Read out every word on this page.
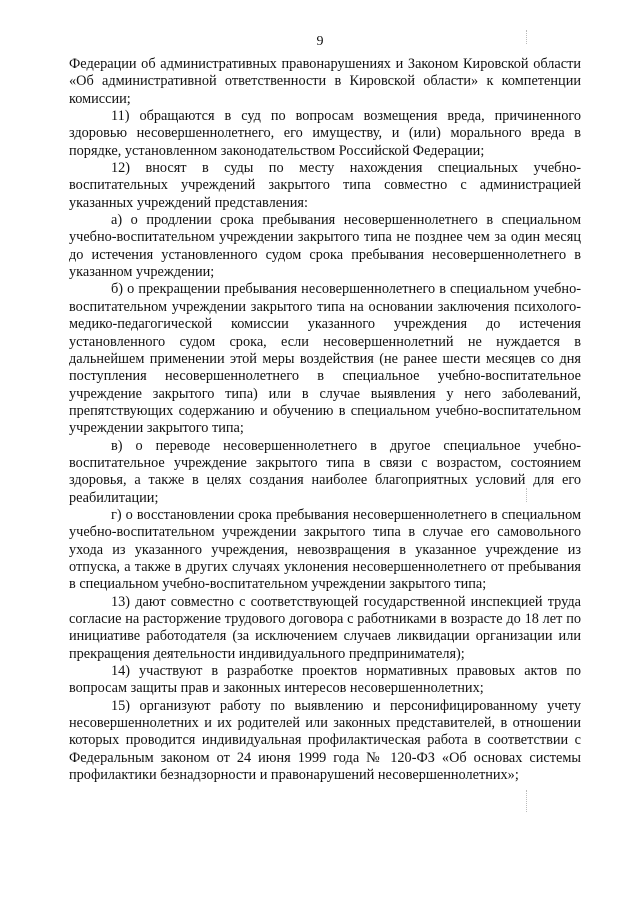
9

Федерации об административных правонарушениях и Законом Кировской области «Об административной ответственности в Кировской области» к компетенции комиссии;

11) обращаются в суд по вопросам возмещения вреда, причиненного здоровью несовершеннолетнего, его имуществу, и (или) морального вреда в порядке, установленном законодательством Российской Федерации;

12) вносят в суды по месту нахождения специальных учебно-воспитательных учреждений закрытого типа совместно с администрацией указанных учреждений представления:

а) о продлении срока пребывания несовершеннолетнего в специальном учебно-воспитательном учреждении закрытого типа не позднее чем за один месяц до истечения установленного судом срока пребывания несовершеннолетнего в указанном учреждении;

б) о прекращении пребывания несовершеннолетнего в специальном учебно-воспитательном учреждении закрытого типа на основании заключения психолого-медико-педагогической комиссии указанного учреждения до истечения установленного судом срока, если несовершеннолетний не нуждается в дальнейшем применении этой меры воздействия (не ранее шести месяцев со дня поступления несовершеннолетнего в специальное учебно-воспитательное учреждение закрытого типа) или в случае выявления у него заболеваний, препятствующих содержанию и обучению в специальном учебно-воспитательном учреждении закрытого типа;

в) о переводе несовершеннолетнего в другое специальное учебно-воспитательное учреждение закрытого типа в связи с возрастом, состоянием здоровья, а также в целях создания наиболее благоприятных условий для его реабилитации;

г) о восстановлении срока пребывания несовершеннолетнего в специальном учебно-воспитательном учреждении закрытого типа в случае его самовольного ухода из указанного учреждения, невозвращения в указанное учреждение из отпуска, а также в других случаях уклонения несовершеннолетнего от пребывания в специальном учебно-воспитательном учреждении закрытого типа;

13) дают совместно с соответствующей государственной инспекцией труда согласие на расторжение трудового договора с работниками в возрасте до 18 лет по инициативе работодателя (за исключением случаев ликвидации организации или прекращения деятельности индивидуального предпринимателя);

14) участвуют в разработке проектов нормативных правовых актов по вопросам защиты прав и законных интересов несовершеннолетних;

15) организуют работу по выявлению и персонифицированному учету несовершеннолетних и их родителей или законных представителей, в отношении которых проводится индивидуальная профилактическая работа в соответствии с Федеральным законом от 24 июня 1999 года № 120-ФЗ «Об основах системы профилактики безнадзорности и правонарушений несовершеннолетних»;
